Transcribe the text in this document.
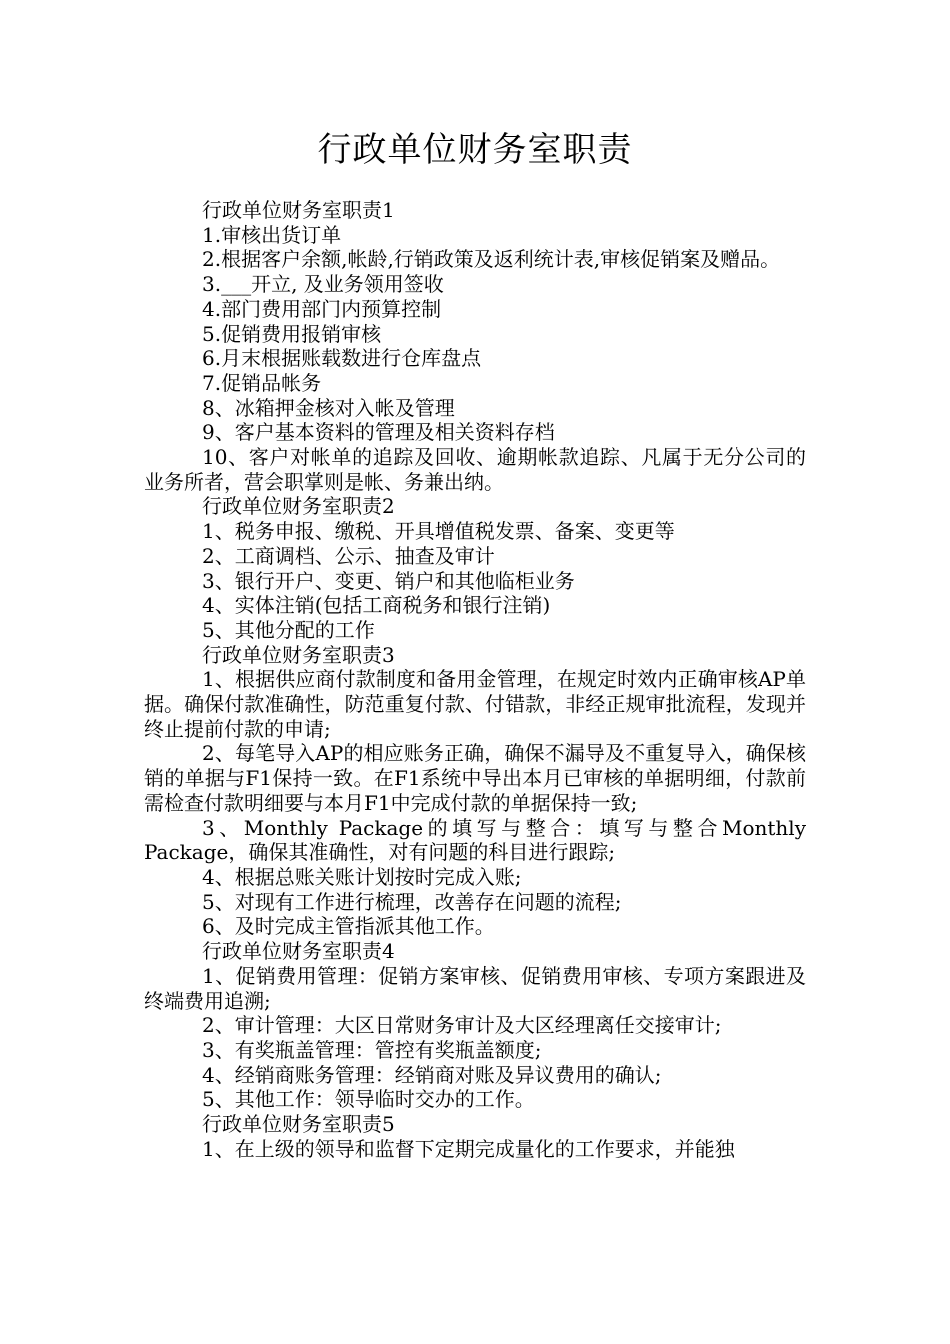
行政单位财务室职责

行政单位财务室职责1

1.审核出货订单

2.根据客户余额,帐龄,行销政策及返利统计表,审核促销案及赠品。

3.___开立, 及业务领用签收

4.部门费用部门内预算控制

5.促销费用报销审核

6.月末根据账载数进行仓库盘点

7.促销品帐务

8、冰箱押金核对入帐及管理

9、客户基本资料的管理及相关资料存档

10、客户对帐单的追踪及回收、逾期帐款追踪、凡属于无分公司的业务所者，营会职掌则是帐、务兼出纳。

行政单位财务室职责2

1、税务申报、缴税、开具增值税发票、备案、变更等

2、工商调档、公示、抽查及审计

3、银行开户、变更、销户和其他临柜业务

4、实体注销(包括工商税务和银行注销)

5、其他分配的工作

行政单位财务室职责3

1、根据供应商付款制度和备用金管理，在规定时效内正确审核AP单据。确保付款准确性，防范重复付款、付错款，非经正规审批流程，发现并终止提前付款的申请;

2、每笔导入AP的相应账务正确，确保不漏导及不重复导入，确保核销的单据与F1保持一致。在F1系统中导出本月已审核的单据明细，付款前需检查付款明细要与本月F1中完成付款的单据保持一致;

3、Monthly Package的填写与整合：填写与整合Monthly Package，确保其准确性，对有问题的科目进行跟踪;

4、根据总账关账计划按时完成入账;

5、对现有工作进行梳理，改善存在问题的流程;

6、及时完成主管指派其他工作。

行政单位财务室职责4

1、促销费用管理：促销方案审核、促销费用审核、专项方案跟进及终端费用追溯;

2、审计管理：大区日常财务审计及大区经理离任交接审计;

3、有奖瓶盖管理：管控有奖瓶盖额度;

4、经销商账务管理：经销商对账及异议费用的确认;

5、其他工作：领导临时交办的工作。

行政单位财务室职责5

1、在上级的领导和监督下定期完成量化的工作要求，并能独
